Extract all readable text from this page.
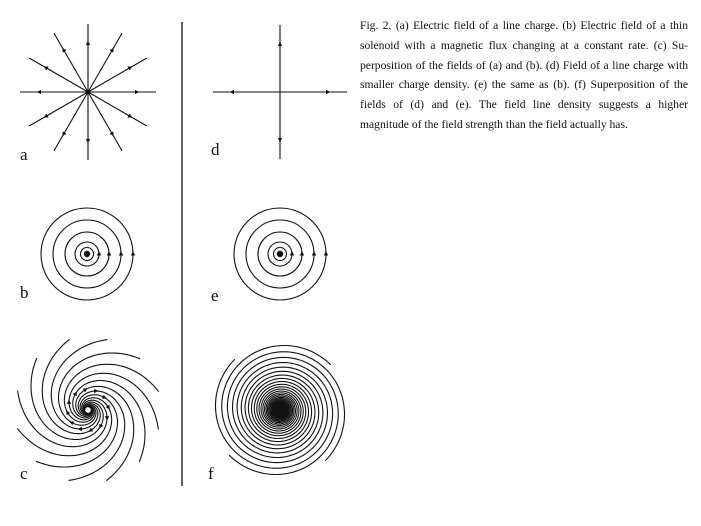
a
b
c
d
e
f
Fig. 2. (a) Electric field of a line charge. (b) Electric field of a thin solenoid with a magnetic flux changing at a constant rate. (c) Superposition of the fields of (a) and (b). (d) Field of a line charge with smaller charge density. (e) the same as (b). (f) Superposition of the fields of (d) and (e). The field line density suggests a higher magnitude of the field strength than the field actually has.
